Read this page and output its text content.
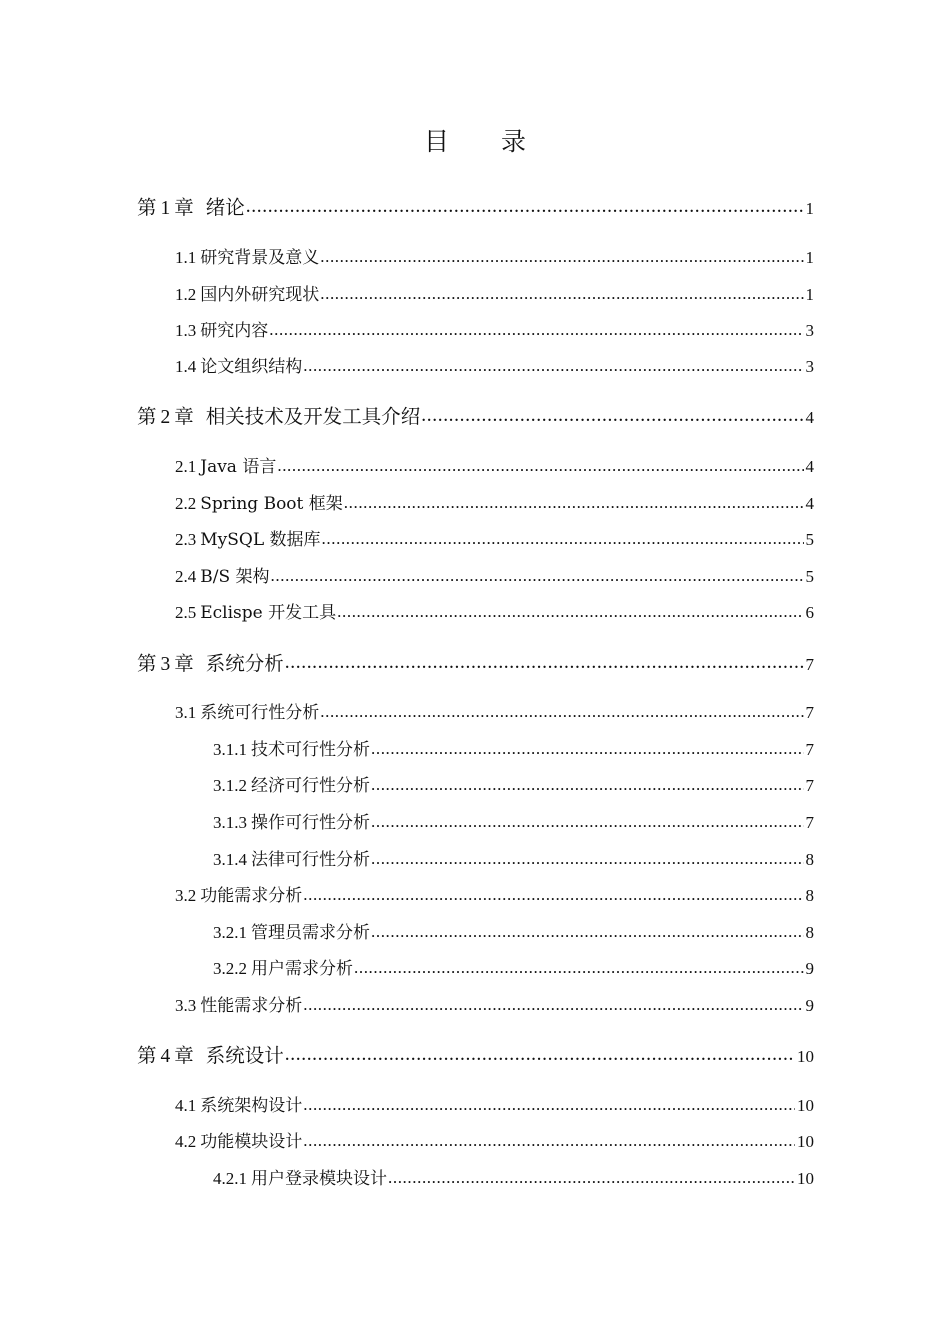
目 录
第 1 章 绪论 .....	1
1.1 研究背景及意义 .....	1
1.2 国内外研究现状 .....	1
1.3 研究内容 .....	3
1.4 论文组织结构 .....	3
第 2 章 相关技术及开发工具介绍 .....	4
2.1 Java 语言 .....	4
2.2 Spring Boot 框架 .....	4
2.3 MySQL 数据库 .....	5
2.4 B/S 架构 .....	5
2.5 Eclispe 开发工具 .....	6
第 3 章 系统分析 .....	7
3.1 系统可行性分析 .....	7
3.1.1 技术可行性分析 .....	7
3.1.2 经济可行性分析 .....	7
3.1.3 操作可行性分析 .....	7
3.1.4 法律可行性分析 .....	8
3.2 功能需求分析 .....	8
3.2.1 管理员需求分析 .....	8
3.2.2 用户需求分析 .....	9
3.3 性能需求分析 .....	9
第 4 章 系统设计 .....	10
4.1 系统架构设计 .....	10
4.2 功能模块设计 .....	10
4.2.1 用户登录模块设计 .....	10
